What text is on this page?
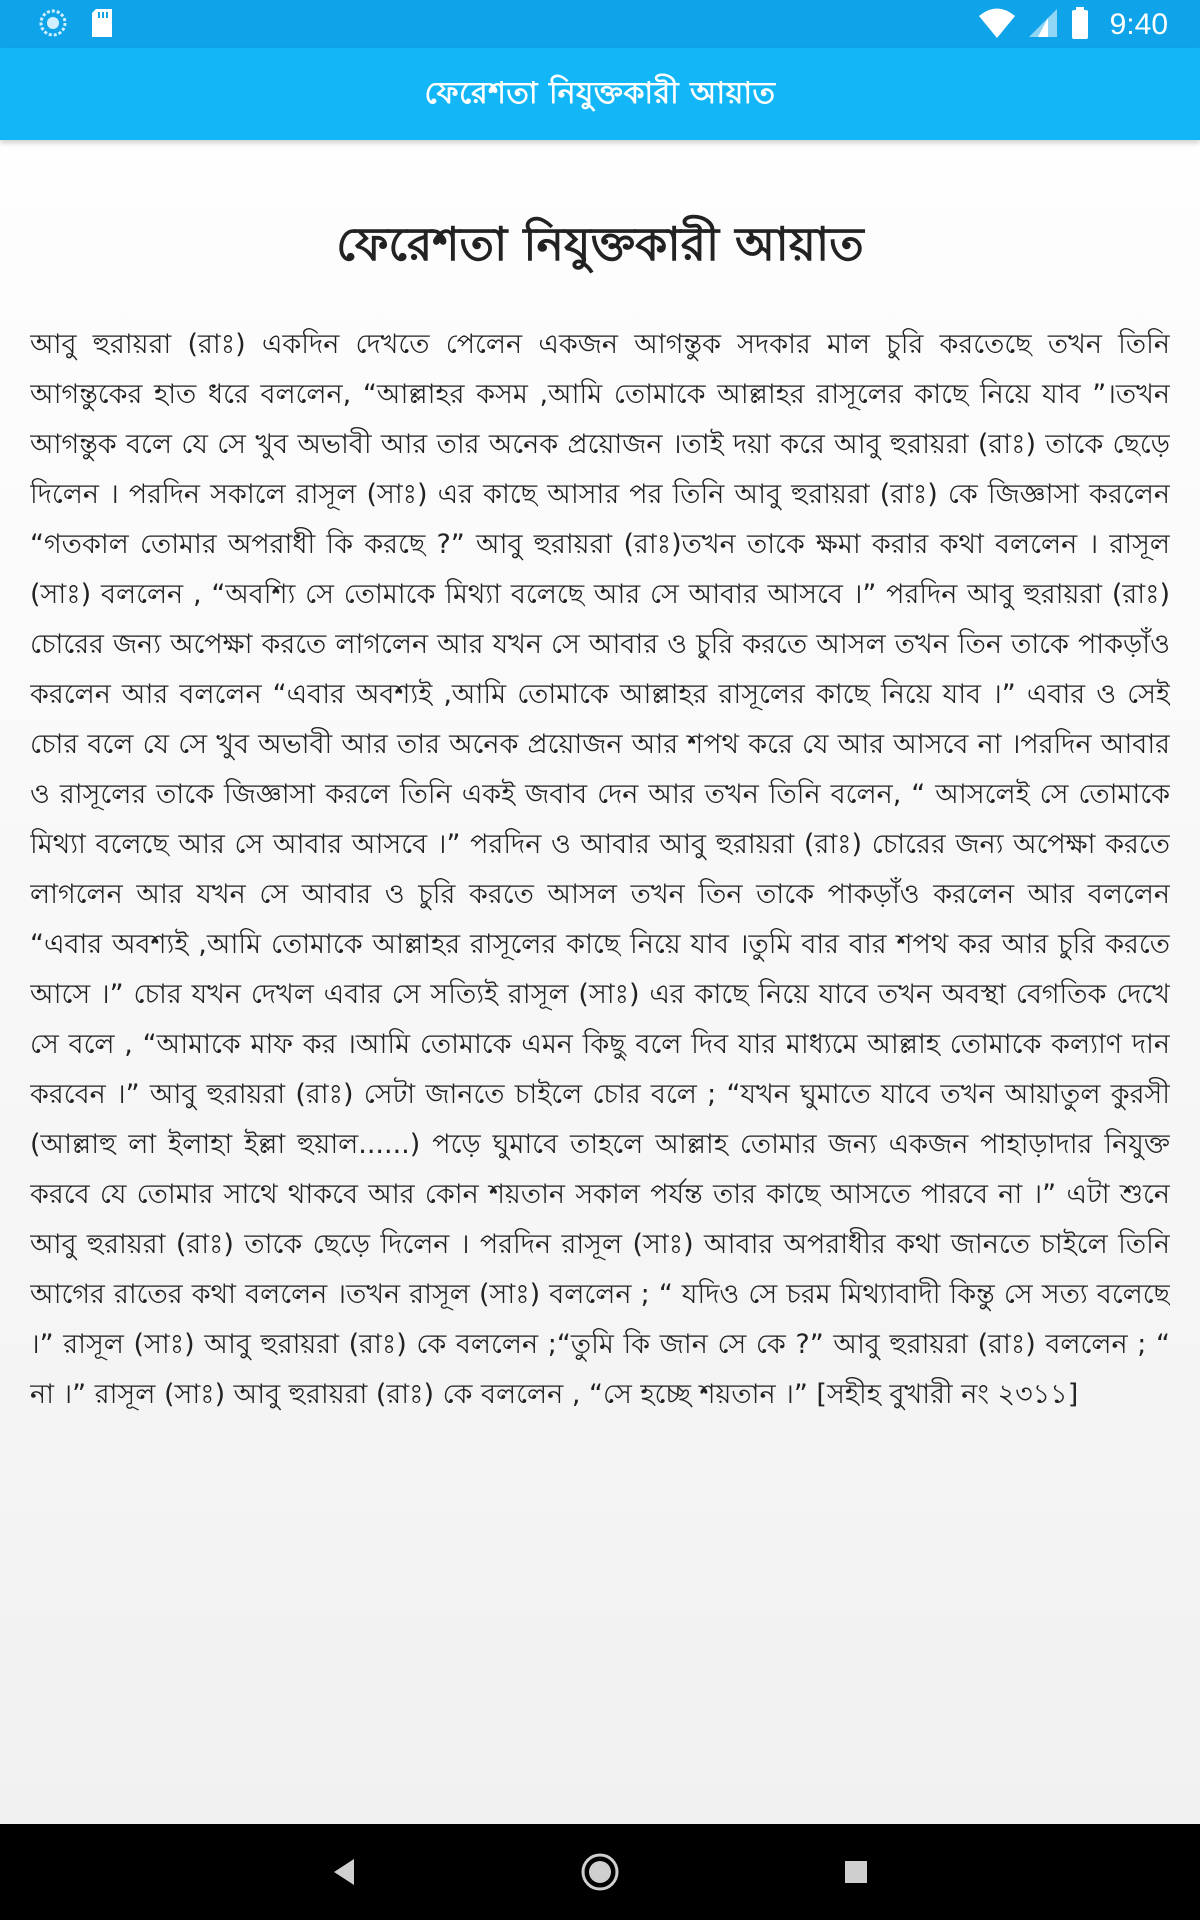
9:40
ফেরেশতা নিযুক্তকারী আয়াত
ফেরেশতা নিযুক্তকারী আয়াত

আবু হুরায়রা (রাঃ) একদিন দেখতে পেলেন একজন আগন্তুক সদকার মাল চুরি করতেছে তখন তিনি আগন্তুকের হাত ধরে বললেন, “আল্লাহর কসম ,আমি তোমাকে আল্লাহর রাসূলের কাছে নিয়ে যাব ”।তখন আগন্তুক বলে যে সে খুব অভাবী আর তার অনেক প্রয়োজন ।তাই দয়া করে আবু হুরায়রা (রাঃ) তাকে ছেড়ে দিলেন । পরদিন সকালে রাসূল (সাঃ) এর কাছে আসার পর তিনি আবু হুরায়রা (রাঃ) কে জিজ্ঞাসা করলেন “গতকাল তোমার অপরাধী কি করছে ?” আবু হুরায়রা (রাঃ)তখন তাকে ক্ষমা করার কথা বললেন । রাসূল (সাঃ) বললেন , “অবশ্যি সে তোমাকে মিথ্যা বলেছে আর সে আবার আসবে ।” পরদিন আবু হুরায়রা (রাঃ) চোরের জন্য অপেক্ষা করতে লাগলেন আর যখন সে আবার ও চুরি করতে আসল তখন তিন তাকে পাকড়াঁও করলেন আর বললেন “এবার অবশ্যই ,আমি তোমাকে আল্লাহর রাসূলের কাছে নিয়ে যাব ।” এবার ও সেই চোর বলে যে সে খুব অভাবী আর তার অনেক প্রয়োজন আর শপথ করে যে আর আসবে না ।পরদিন আবার ও রাসূলের তাকে জিজ্ঞাসা করলে তিনি একই জবাব দেন আর তখন তিনি বলেন, “ আসলেই সে তোমাকে মিথ্যা বলেছে আর সে আবার আসবে ।” পরদিন ও আবার আবু হুরায়রা (রাঃ) চোরের জন্য অপেক্ষা করতে লাগলেন আর যখন সে আবার ও চুরি করতে আসল তখন তিন তাকে পাকড়াঁও করলেন আর বললেন “এবার অবশ্যই ,আমি তোমাকে আল্লাহর রাসূলের কাছে নিয়ে যাব ।তুমি বার বার শপথ কর আর চুরি করতে আসে ।” চোর যখন দেখল এবার সে সত্যিই রাসূল (সাঃ) এর কাছে নিয়ে যাবে তখন অবস্থা বেগতিক দেখে সে বলে , “আমাকে মাফ কর ।আমি তোমাকে এমন কিছু বলে দিব যার মাধ্যমে আল্লাহ তোমাকে কল্যাণ দান করবেন ।” আবু হুরায়রা (রাঃ) সেটা জানতে চাইলে চোর বলে ; “যখন ঘুমাতে যাবে তখন আয়াতুল কুরসী (আল্লাহু লা ইলাহা ইল্লা হুয়াল......) পড়ে ঘুমাবে তাহলে আল্লাহ তোমার জন্য একজন পাহাড়াদার নিযুক্ত করবে যে তোমার সাথে থাকবে আর কোন শয়তান সকাল পর্যন্ত তার কাছে আসতে পারবে না ।” এটা শুনে আবু হুরায়রা (রাঃ) তাকে ছেড়ে দিলেন । পরদিন রাসূল (সাঃ) আবার অপরাধীর কথা জানতে চাইলে তিনি আগের রাতের কথা বললেন ।তখন রাসূল (সাঃ) বললেন ; “ যদিও সে চরম মিথ্যাবাদী কিন্তু সে সত্য বলেছে ।” রাসূল (সাঃ) আবু হুরায়রা (রাঃ) কে বললেন ;“তুমি কি জান সে কে ?” আবু হুরায়রা (রাঃ) বললেন ; “ না ।” রাসূল (সাঃ) আবু হুরায়রা (রাঃ) কে বললেন , “সে হচ্ছে শয়তান ।” [সহীহ বুখারী নং ২৩১১]
